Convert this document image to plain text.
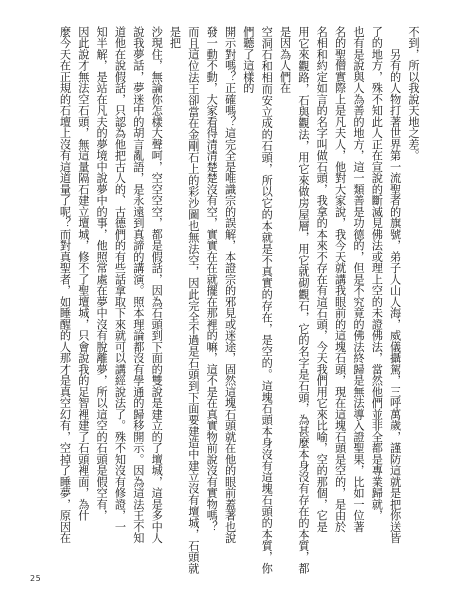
不到，所以我說天地之差。

　　另有的人物打著世界第一流聖者的旗號，弟子人山人海，威儀攝駕，三呼萬歲，謹防這就是把你送皆

了的地方，殊不知此人正在宣說的斷滅見佛法或理上空的未證佛法，當然他們並非全都是專業歸就，

也有是說與人為善的地方，這一類善是功德的，但是不究竟的佛法終歸是無法導入證聖果，比如一位著

名的聖僧實際上是凡夫人，他對大家說，我今天就講我眼前的這塊石頭，現在這塊石頭是空的，是由於

名相和約定如言的名字叫做石頭，我拿的本來不存在有這石頭，今天我們用它來比喻，空的那個，它是

用它來觀路，石與觀法，用它來做房屋層，用它就砌觀石，它的名字是石頭，為甚麼本身沒有存在的本質，都是因為人們在

空洞石和相而安立成的石頭，所以它的本就是不真實的存在，是空的。這塊石頭本身沒有這塊石頭的本質，你們聽了這樣的

開示對嗎？正確嗎？這完全是唯識宗的誤解，本證宗的邪見或迷途，固然這塊石頭就在他的眼前蓋著也說

發一動不動，大家看得清清楚楚沒有空，實實在在就擺在那裡的嘛，這不是在真實物前說沒有實物嗎？

而且這位法王卻當在金剛石上的彩沙圖也無法空，因此完全不過是石頭到下面要建造中建立沒有壇城，石頭就是把

沙現住，無論你怎樣大聲呵，空空空空，都是假話，因為石頭到下面的雙說是建立的了壇城，這是多中人

說我夢話，夢迷中的胡言亂語，是永遠到真諦的講演。照本理論都沒有學通的歸移開示。因為這法王不知

道他在說假話，只認為他把古人的、古德們的有些話拿取下來就可以講經說法了。殊不知沒有修證，一

知半解，是站在凡夫的夢境中說夢中的事，他照常處在夢中沒有脫離夢，所以這空的石頭是假空有，

因此說才無法空石頭，無這量隔石建立壇城，修不了聖壇城，只會說我的足智裡建了石頭裡面，為什

麼今天在正規的石壇上沒有這道量了呢？而對真聖者，如睡醒的人那才是真空幻有，空掉了睡夢，原因在

25
